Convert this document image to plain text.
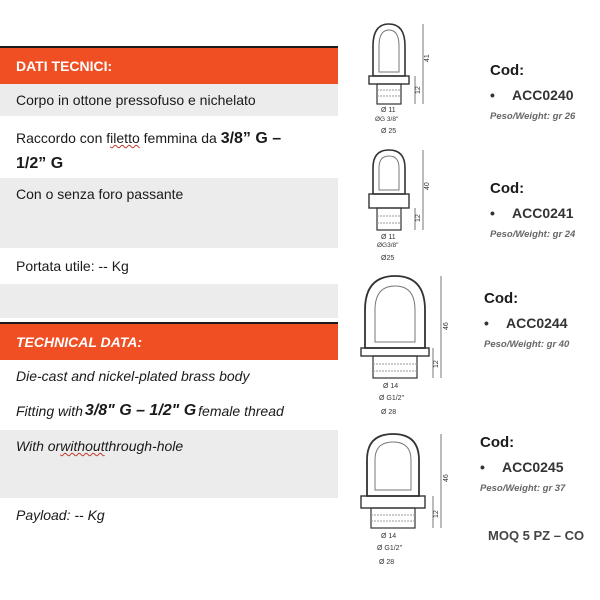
DATI TECNICI:
Corpo in ottone pressofuso e nichelato
Raccordo con filetto femmina da 3/8” G –
1/2” G
Con o senza foro passante
Portata utile: -- Kg
TECHNICAL DATA:
Die-cast and nickel-plated brass body
Fitting with 3/8" G – 1/2" G female thread
With or without through-hole
Payload: -- Kg
41
12
Ø 11
ØG 3/8"
Ø 25
40
12
Ø 11
ØG3/8"
Ø25
46
12
Ø 14
Ø G1/2"
Ø 28
46
12
Ø 14
Ø G1/2"
Ø 28
Cod:
•	ACC0240
Peso/Weight: gr 26
Cod:
•	ACC0241
Peso/Weight: gr 24
Cod:
•	ACC0244
Peso/Weight: gr 40
Cod:
•	ACC0245
Peso/Weight: gr 37
MOQ 5 PZ – CO
